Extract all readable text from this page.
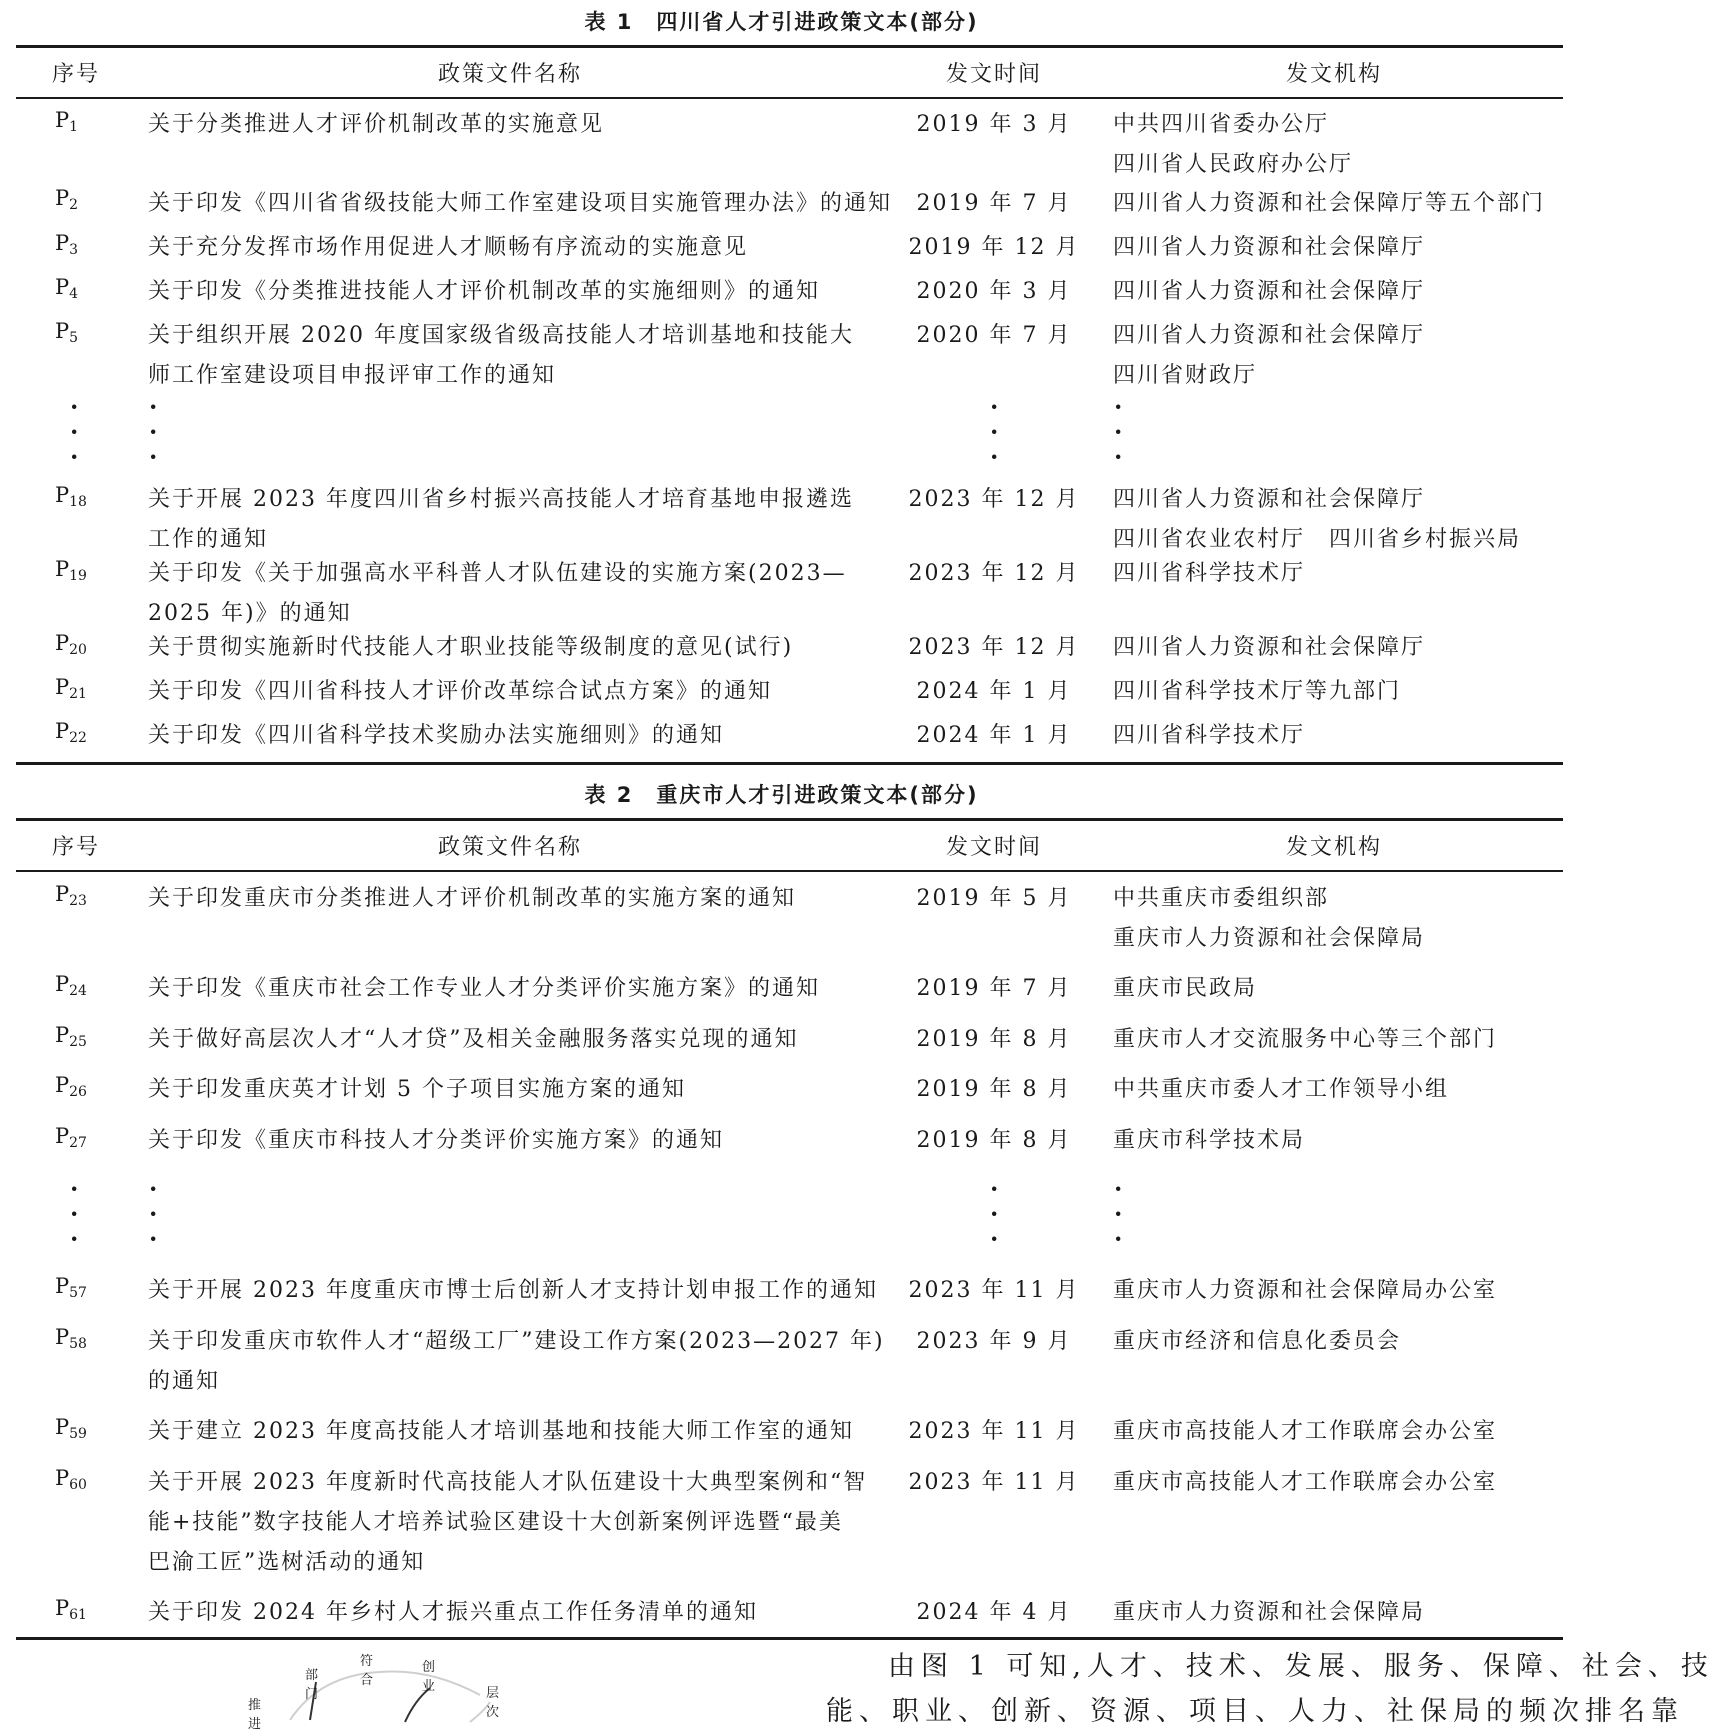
表 1　四川省人才引进政策文本(部分)
序号	政策文件名称	发文时间	发文机构
$P_1$	关于分类推进人才评价机制改革的实施意见	2019 年 3 月	中共四川省委办公厅
四川省人民政府办公厅
$P_2$	关于印发《四川省省级技能大师工作室建设项目实施管理办法》的通知	2019 年 7 月	四川省人力资源和社会保障厅等五个部门
$P_3$	关于充分发挥市场作用促进人才顺畅有序流动的实施意见	2019 年 12 月 四川省人力资源和社会保障厅
$P_4$	关于印发《分类推进技能人才评价机制改革的实施细则》的通知	2020 年 3 月	四川省人力资源和社会保障厅
$P_5$	关于组织开展 2020 年度国家级省级高技能人才培训基地和技能大
师工作室建设项目申报评审工作的通知
2020 年 7 月	四川省人力资源和社会保障厅
四川省财政厅
·
·
·
·
·
·
·
·
·
·
·
·
$P_{18}$	关于开展 2023 年度四川省乡村振兴高技能人才培育基地申报遴选
工作的通知
2023 年 12 月 四川省人力资源和社会保障厅
四川省农业农村厅　四川省乡村振兴局
$P_{19}$	关于印发《关于加强高水平科普人才队伍建设的实施方案(2023—
2025 年)》的通知
2023 年 12 月 四川省科学技术厅
$P_{20}$	关于贯彻实施新时代技能人才职业技能等级制度的意见(试行)	2023 年 12 月 四川省人力资源和社会保障厅
$P_{21}$	关于印发《四川省科技人才评价改革综合试点方案》的通知	2024 年 1 月	四川省科学技术厅等九部门
$P_{22}$	关于印发《四川省科学技术奖励办法实施细则》的通知	2024 年 1 月	四川省科学技术厅
表 2　重庆市人才引进政策文本(部分)
序号	政策文件名称	发文时间	发文机构
$P_{23}$	关于印发重庆市分类推进人才评价机制改革的实施方案的通知	2019 年 5 月	中共重庆市委组织部
重庆市人力资源和社会保障局
$P_{24}$	关于印发《重庆市社会工作专业人才分类评价实施方案》的通知	2019 年 7 月	重庆市民政局
$P_{25}$	关于做好高层次人才“人才贷”及相关金融服务落实兑现的通知	2019 年 8 月	重庆市人才交流服务中心等三个部门
$P_{26}$	关于印发重庆英才计划 5 个子项目实施方案的通知	2019 年 8 月	中共重庆市委人才工作领导小组
$P_{27}$	关于印发《重庆市科技人才分类评价实施方案》的通知	2019 年 8 月	重庆市科学技术局
·
·
·
·
·
·
·
·
·
·
·
·
$P_{57}$	关于开展 2023 年度重庆市博士后创新人才支持计划申报工作的通知 2023 年 11 月 重庆市人力资源和社会保障局办公室
$P_{58}$	关于印发重庆市软件人才“超级工厂”建设工作方案(2023—2027 年)
的通知
2023 年 9 月	重庆市经济和信息化委员会
$P_{59}$	关于建立 2023 年度高技能人才培训基地和技能大师工作室的通知 2023 年 11 月 重庆市高技能人才工作联席会办公室
$P_{60}$	关于开展 2023 年度新时代高技能人才队伍建设十大典型案例和“智
能+技能”数字技能人才培养试验区建设十大创新案例评选暨“最美
巴渝工匠”选树活动的通知
2023 年 11 月 重庆市高技能人才工作联席会办公室
$P_{61}$	关于印发 2024 年乡村人才振兴重点工作任务清单的通知	2024 年 4 月	重庆市人力资源和社会保障局
部门
符合
创业
推进
层次
由图 1 可知,人才、技术、发展、服务、保障、社会、技
能、职业、创新、资源、项目、人力、社保局的频次排名靠
